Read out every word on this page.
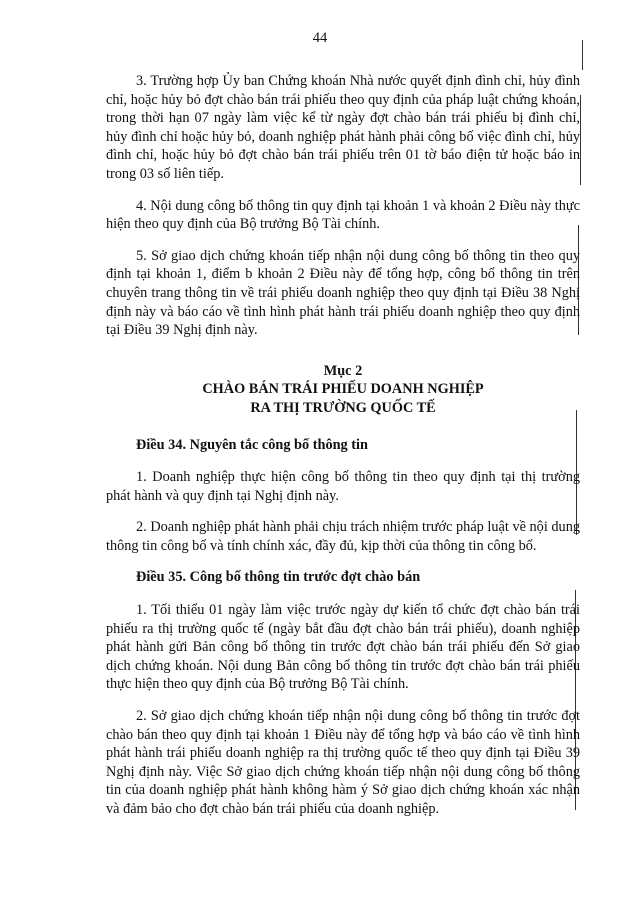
44

3. Trường hợp Ủy ban Chứng khoán Nhà nước quyết định đình chỉ, hủy đình chỉ, hoặc hủy bỏ đợt chào bán trái phiếu theo quy định của pháp luật chứng khoán, trong thời hạn 07 ngày làm việc kể từ ngày đợt chào bán trái phiếu bị đình chỉ, hủy đình chỉ hoặc hủy bỏ, doanh nghiệp phát hành phải công bố việc đình chỉ, hủy đình chỉ, hoặc hủy bỏ đợt chào bán trái phiếu trên 01 tờ báo điện tử hoặc báo in trong 03 số liên tiếp.

4. Nội dung công bố thông tin quy định tại khoản 1 và khoản 2 Điều này thực hiện theo quy định của Bộ trưởng Bộ Tài chính.

5. Sở giao dịch chứng khoán tiếp nhận nội dung công bố thông tin theo quy định tại khoản 1, điểm b khoản 2 Điều này để tổng hợp, công bố thông tin trên chuyên trang thông tin về trái phiếu doanh nghiệp theo quy định tại Điều 38 Nghị định này và báo cáo về tình hình phát hành trái phiếu doanh nghiệp theo quy định tại Điều 39 Nghị định này.

Mục 2

CHÀO BÁN TRÁI PHIẾU DOANH NGHIỆP

RA THỊ TRƯỜNG QUỐC TẾ

Điều 34. Nguyên tắc công bố thông tin

1. Doanh nghiệp thực hiện công bố thông tin theo quy định tại thị trường phát hành và quy định tại Nghị định này.

2. Doanh nghiệp phát hành phải chịu trách nhiệm trước pháp luật về nội dung thông tin công bố và tính chính xác, đầy đủ, kịp thời của thông tin công bố.

Điều 35. Công bố thông tin trước đợt chào bán

1. Tối thiểu 01 ngày làm việc trước ngày dự kiến tổ chức đợt chào bán trái phiếu ra thị trường quốc tế (ngày bắt đầu đợt chào bán trái phiếu), doanh nghiệp phát hành gửi Bản công bố thông tin trước đợt chào bán trái phiếu đến Sở giao dịch chứng khoán. Nội dung Bản công bố thông tin trước đợt chào bán trái phiếu thực hiện theo quy định của Bộ trưởng Bộ Tài chính.

2. Sở giao dịch chứng khoán tiếp nhận nội dung công bố thông tin trước đợt chào bán theo quy định tại khoản 1 Điều này để tổng hợp và báo cáo về tình hình phát hành trái phiếu doanh nghiệp ra thị trường quốc tế theo quy định tại Điều 39 Nghị định này. Việc Sở giao dịch chứng khoán tiếp nhận nội dung công bố thông tin của doanh nghiệp phát hành không hàm ý Sở giao dịch chứng khoán xác nhận và đảm bảo cho đợt chào bán trái phiếu của doanh nghiệp.
